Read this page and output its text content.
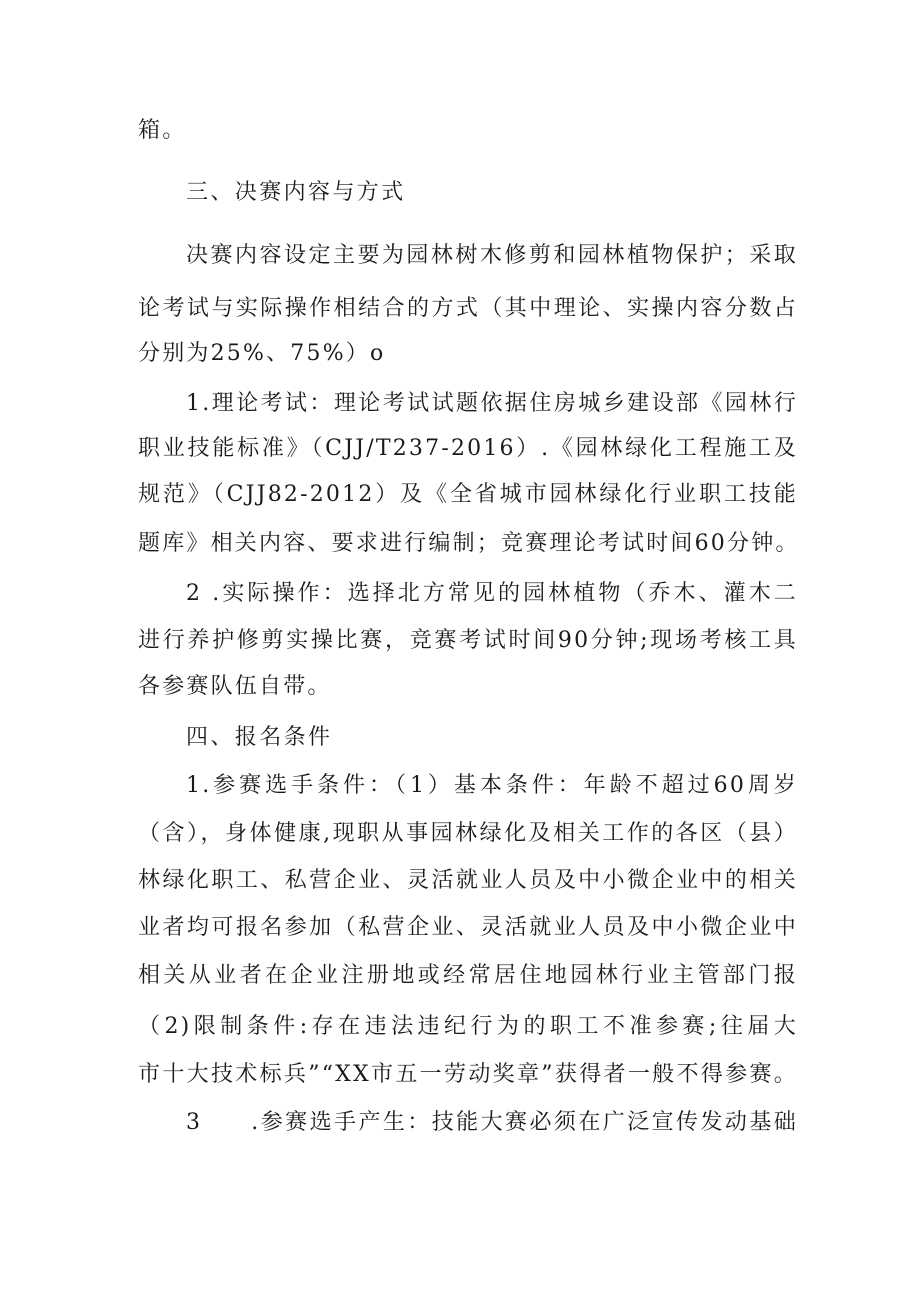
箱。
三、决赛内容与方式
决赛内容设定主要为园林树木修剪和园林植物保护；采取
论考试与实际操作相结合的方式（其中理论、实操内容分数占
分别为25%、75%）o
1.理论考试：理论考试试题依据住房城乡建设部《园林行
职业技能标准》（CJJ/T237-2016）.《园林绿化工程施工及
规范》（CJJ82-2012）及《全省城市园林绿化行业职工技能
题库》相关内容、要求进行编制；竞赛理论考试时间60分钟。
2 .实际操作：选择北方常见的园林植物（乔木、灌木二
进行养护修剪实操比赛，竞赛考试时间90分钟;现场考核工具
各参赛队伍自带。
四、报名条件
1.参赛选手条件：（1）基本条件：年龄不超过60周岁
（含），身体健康,现职从事园林绿化及相关工作的各区（县）
林绿化职工、私营企业、灵活就业人员及中小微企业中的相关
业者均可报名参加（私营企业、灵活就业人员及中小微企业中
相关从业者在企业注册地或经常居住地园林行业主管部门报
（2)限制条件:存在违法违纪行为的职工不准参赛;往届大
市十大技术标兵”“XX市五一劳动奖章”获得者一般不得参赛。
3　　.参赛选手产生：技能大赛必须在广泛宣传发动基础
